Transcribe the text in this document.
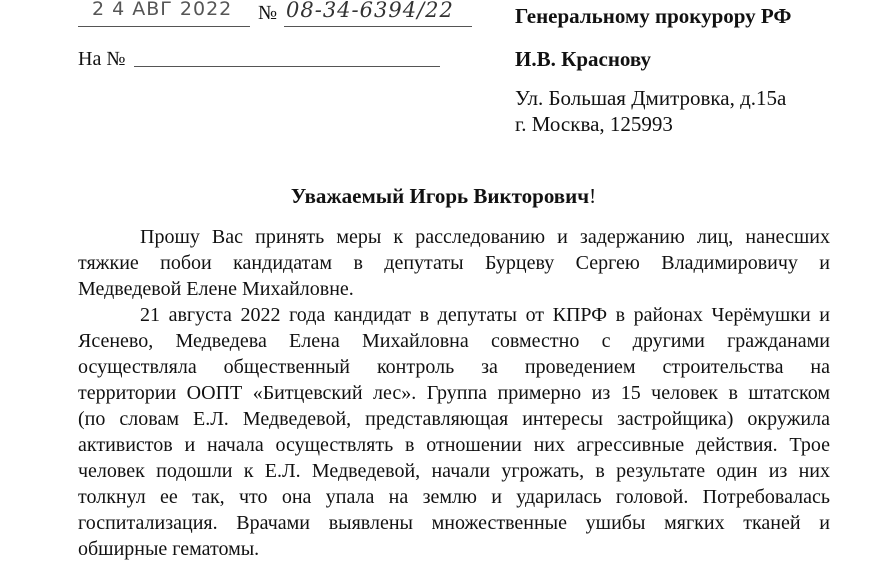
2 4 АВГ 2022 № 08-34-6394/22
На №
Генеральному прокурору РФ
И.В. Краснову
Ул. Большая Дмитровка, д.15а
г. Москва, 125993
Уважаемый Игорь Викторович!
Прошу Вас принять меры к расследованию и задержанию лиц, нанесших
тяжкие побои кандидатам в депутаты Бурцеву Сергею Владимировичу и
Медведевой Елене Михайловне.
21 августа 2022 года кандидат в депутаты от КПРФ в районах Черёмушки и
Ясенево, Медведева Елена Михайловна совместно с другими гражданами
осуществляла общественный контроль за проведением строительства на
территории ООПТ «Битцевский лес». Группа примерно из 15 человек в штатском
(по словам Е.Л. Медведевой, представляющая интересы застройщика) окружила
активистов и начала осуществлять в отношении них агрессивные действия. Трое
человек подошли к Е.Л. Медведевой, начали угрожать, в результате один из них
толкнул ее так, что она упала на землю и ударилась головой. Потребовалась
госпитализация. Врачами выявлены множественные ушибы мягких тканей и
обширные гематомы.
